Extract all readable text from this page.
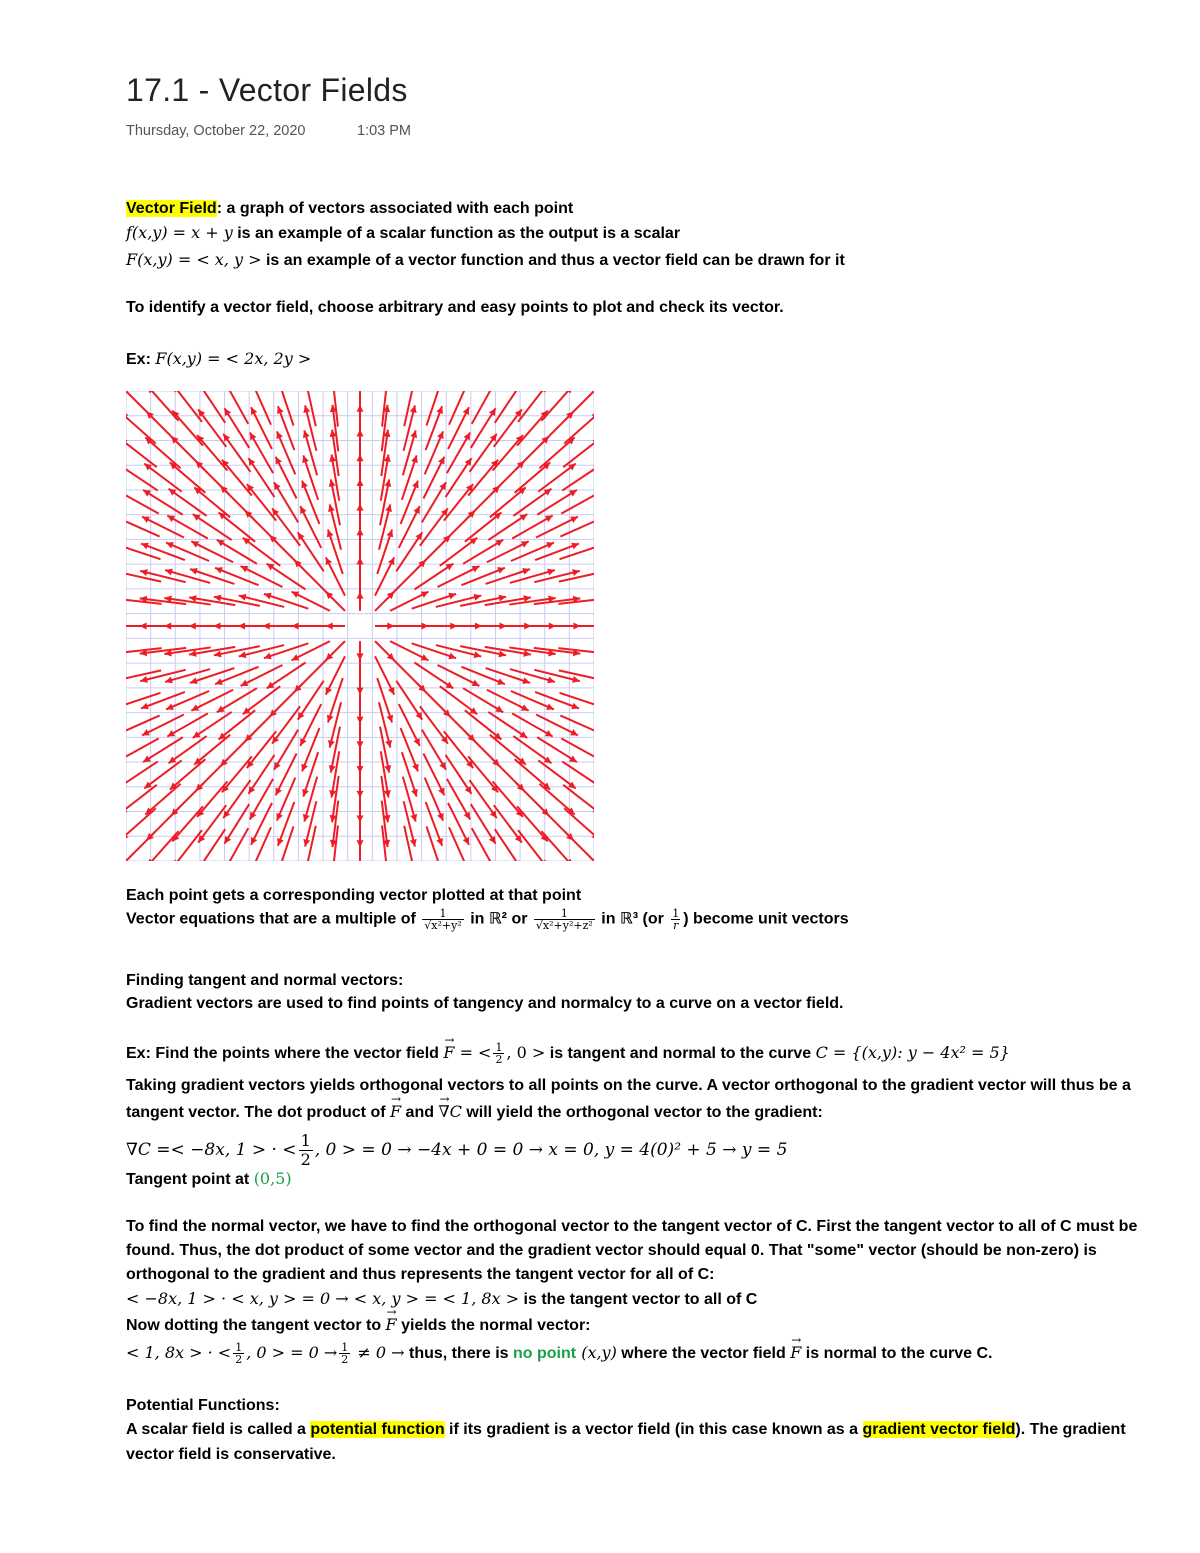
17.1 - Vector Fields
Thursday, October 22, 2020	1:03 PM
Vector Field: a graph of vectors associated with each point
f(x,y) = x + y is an example of a scalar function as the output is a scalar
F(x,y) = < x, y > is an example of a vector function and thus a vector field can be drawn for it
To identify a vector field, choose arbitrary and easy points to plot and check its vector.
Ex: F(x,y) = < 2x, 2y >
Each point gets a corresponding vector plotted at that point
Vector equations that are a multiple of $\frac{1}{\text{√x²+y²}}$ in ℝ² or $\frac{1}{\text{√x²+y²+z²}}$ in ℝ³ ($or \frac{1}{r}$ ) become unit vectors
Finding tangent and normal vectors:
Gradient vectors are used to find points of tangency and normalcy to a curve on a vector field.
Ex: Find the points where the vector field → F = < $\frac{1}{2}$ , 0 > is tangent and normal to the curve C = {(x,y): y − 4x² = 5}
Taking gradient vectors yields orthogonal vectors to all points on the curve. A vector orthogonal to the gradient vector will thus be a
tangent vector. The dot product of → F and → ∇C will yield the orthogonal vector to the gradient:
∇C =< −8x, 1 > · < $\frac{1}{2}$ , 0 > = 0 → −4x + 0 = 0 → x = 0, y = 4(0)² + 5 → y = 5
Tangent point at (0,5)
To find the normal vector, we have to find the orthogonal vector to the tangent vector of C. First the tangent vector to all of C must be
found. Thus, the dot product of some vector and the gradient vector should equal 0. That "some" vector (should be non-zero) is
orthogonal to the gradient and thus represents the tangent vector for all of C:
< −8x, 1 > · < x, y > = 0 → < x, y > = < 1, 8x > is the tangent vector to all of C
Now dotting the tangent vector to → F yields the normal vector:
< 1, 8x > · < $\frac{1}{2}$ , 0 > = $0 \to \frac{1}{2} \ne 0$ → thus, there is no point (x,y) where the vector field → F is normal to the curve C.
Potential Functions:
A scalar field is called a potential function if its gradient is a vector field (in this case known as a gradient vector field). The gradient
vector field is conservative.
